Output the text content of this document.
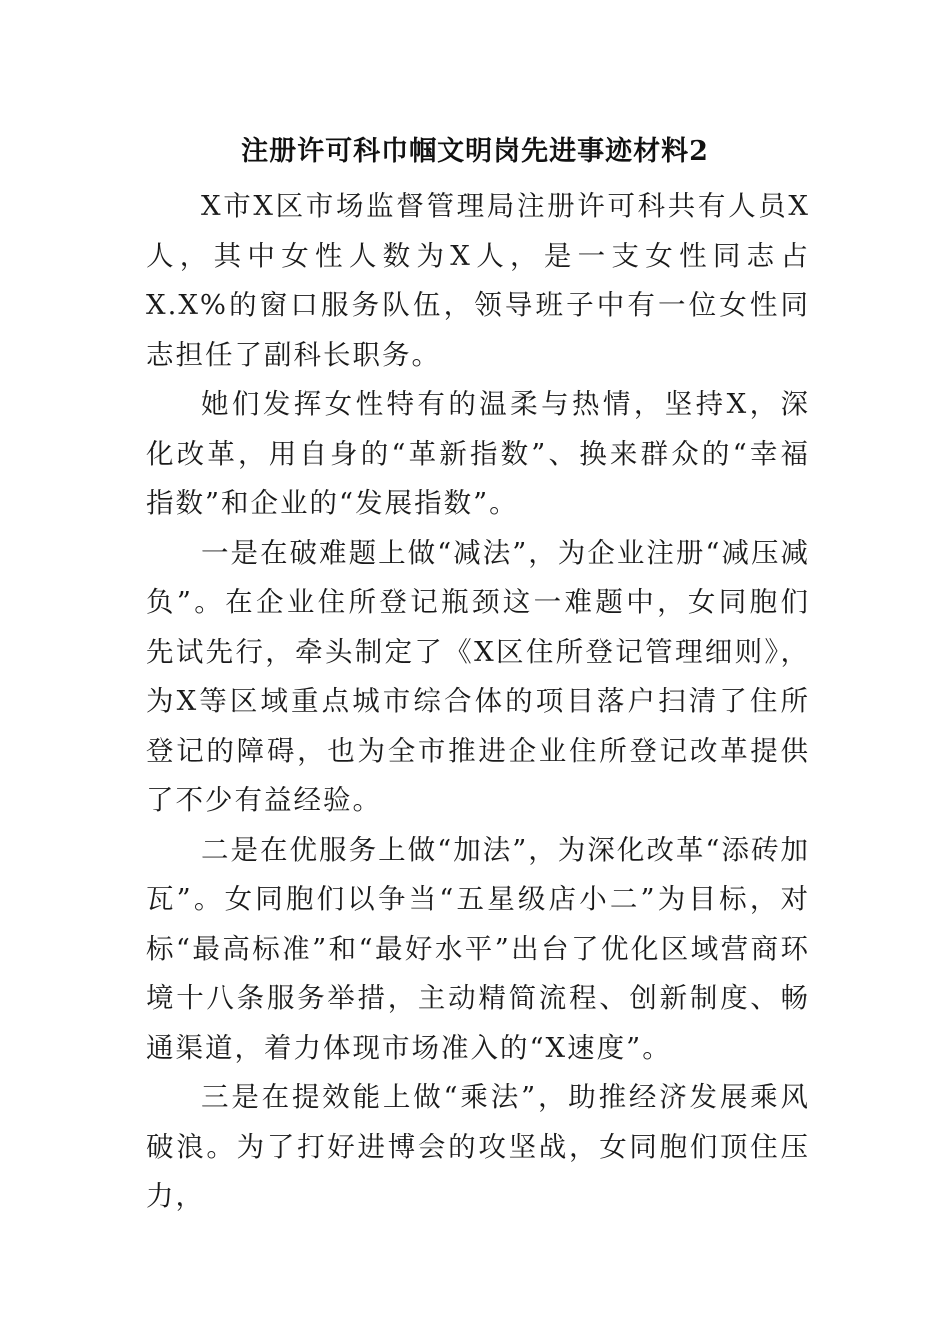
注册许可科巾帼文明岗先进事迹材料2

X市X区市场监督管理局注册许可科共有人员X人，其中女性人数为X人，是一支女性同志占X.X%的窗口服务队伍，领导班子中有一位女性同志担任了副科长职务。

她们发挥女性特有的温柔与热情，坚持X，深化改革，用自身的“革新指数”、换来群众的“幸福指数”和企业的“发展指数”。

一是在破难题上做“减法”，为企业注册“减压减负”。在企业住所登记瓶颈这一难题中，女同胞们先试先行，牵头制定了《X区住所登记管理细则》，为X等区域重点城市综合体的项目落户扫清了住所登记的障碍，也为全市推进企业住所登记改革提供了不少有益经验。

二是在优服务上做“加法”，为深化改革“添砖加瓦”。女同胞们以争当“五星级店小二”为目标，对标“最高标准”和“最好水平”出台了优化区域营商环境十八条服务举措，主动精简流程、创新制度、畅通渠道，着力体现市场准入的“X速度”。

三是在提效能上做“乘法”，助推经济发展乘风破浪。为了打好进博会的攻坚战，女同胞们顶住压力，
